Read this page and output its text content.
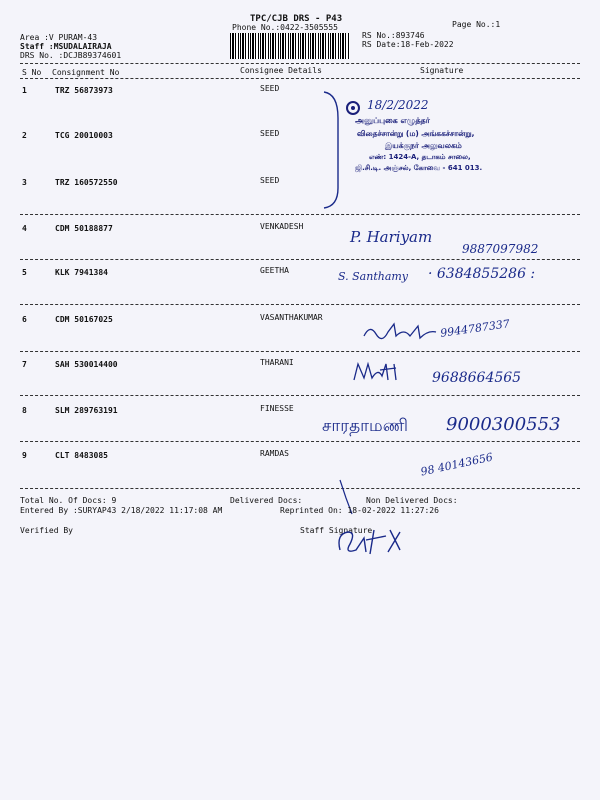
TPC/CJB DRS - P43
Phone No.:0422-3505555	Page No.:1
Area :V PURAM-43
Staff :MSUDALAIRAJA
DRS No. :DCJB89374601
RS No.:893746
RS Date:18-Feb-2022
S No Consignment No	Consignee Details	Signature
1	TRZ 56873973	SEED
2	TCG 20010003	SEED
3	TRZ 160572550	SEED
4	CDM 50188877	VENKADESH
5	KLK 7941384	GEETHA
6	CDM 50167025	VASANTHAKUMAR
7	SAH 530014400	THARANI
8	SLM 289763191	FINESSE
9	CLT 8483085	RAMDAS
18/2/2022
அனுப்புகை எழுத்தர்
விதைச்சான்று (ம) அங்ககச்சான்று,
இயக்குநர் அலுவலகம்
எண்: 1424-A, தடாகம் சாலை,
ஜி.சி.டி. அஞ்சல், கோவை - 641 013.
P. Hariyam
9887097982
S. Santhamy · 6384855286 :
9944787337
9688664565
சாரதாமணி 9000300553
98 40143656
Total No. Of Docs: 9	Delivered Docs:	Non Delivered Docs:
Entered By :SURYAP43 2/18/2022 11:17:08 AM	Reprinted On: 18-02-2022 11:27:26
Verified By	Staff Signature
